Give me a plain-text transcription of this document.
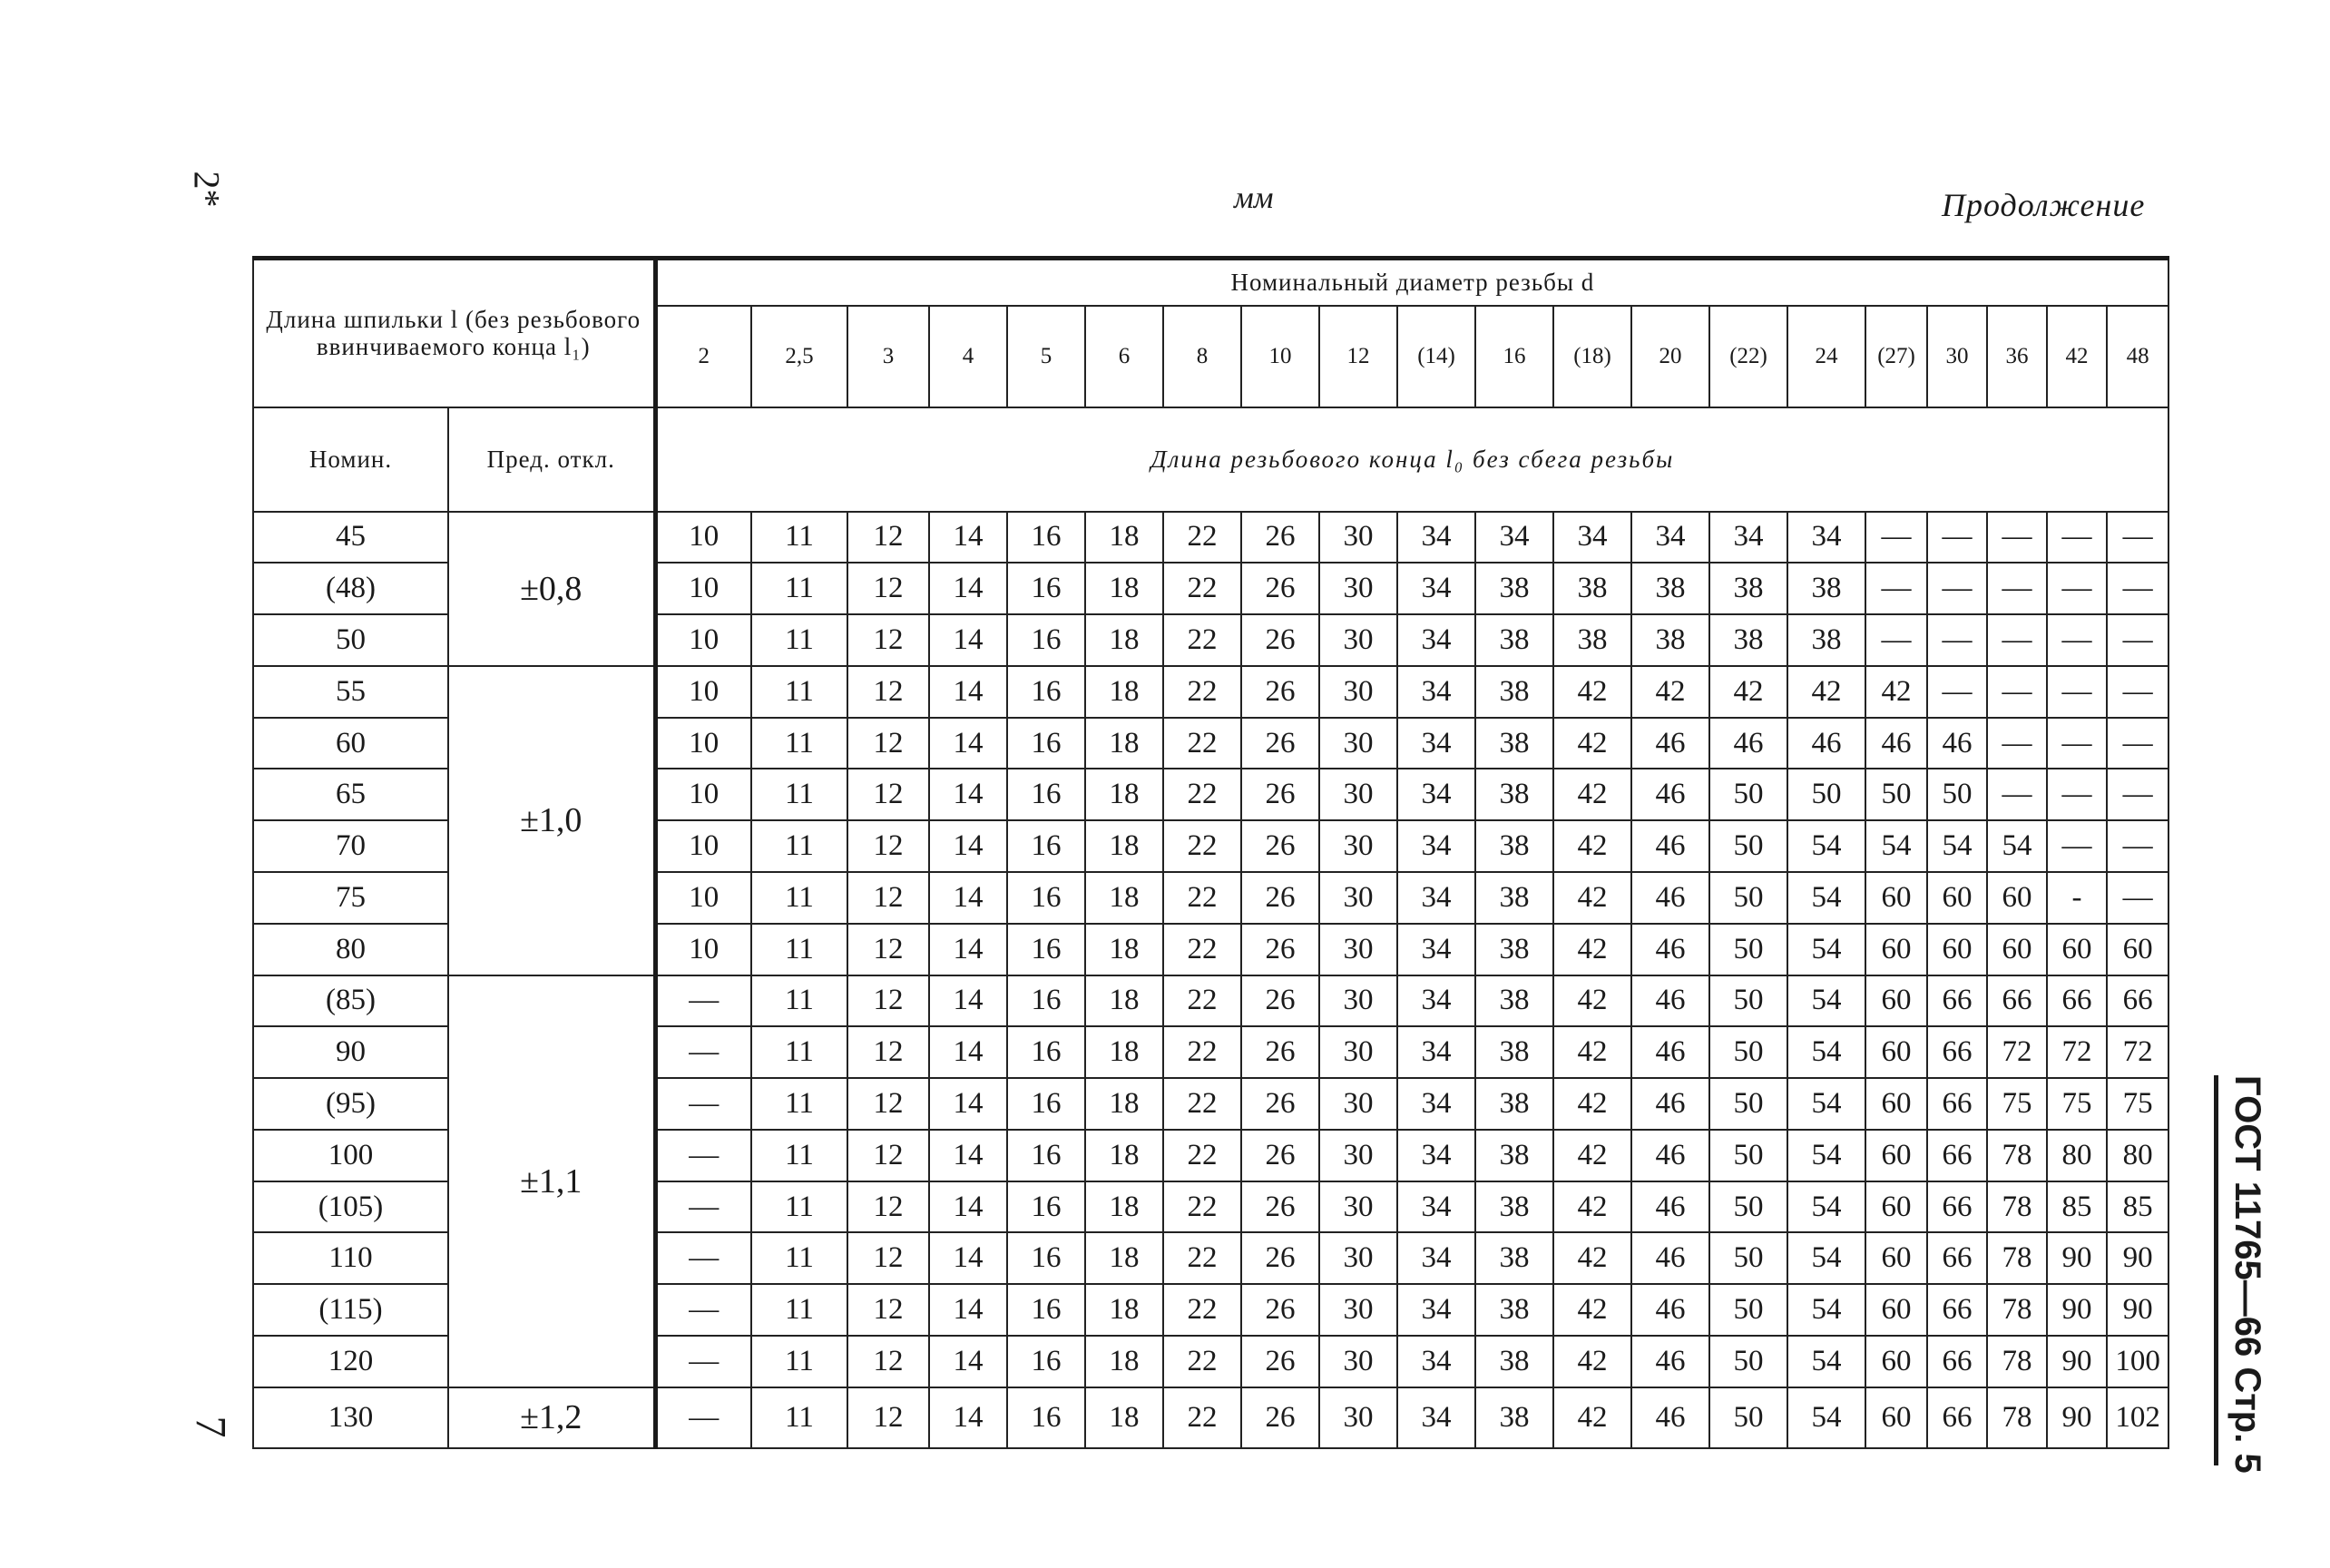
2*	мм	Продолжение
7	ГОСТ 11765—66 Стр. 5
Длина шпильки l (без резьбового ввинчиваемого конца l₁)		Номинальный диаметр резьбы d																			
		2	2,5	3	4	5	6	8	10	12	(14)	16	(18)	20	(22)	24	(27)	30	36	42	48
Номин.	Пред. откл.	Длина резьбового конца l₀ без сбега резьбы																			
45	±0,8	10	11	12	14	16	18	22	26	30	34	34	34	34	34	34	—	—	—	—	—
(48)		10	11	12	14	16	18	22	26	30	34	38	38	38	38	38	—	—	—	—	—
50		10	11	12	14	16	18	22	26	30	34	38	38	38	38	38	—	—	—	—	—
55	±1,0	10	11	12	14	16	18	22	26	30	34	38	42	42	42	42	42	—	—	—	—
60		10	11	12	14	16	18	22	26	30	34	38	42	46	46	46	46	46	—	—	—
65		10	11	12	14	16	18	22	26	30	34	38	42	46	50	50	50	50	—	—	—
70		10	11	12	14	16	18	22	26	30	34	38	42	46	50	54	54	54	54	—	—
75		10	11	12	14	16	18	22	26	30	34	38	42	46	50	54	60	60	60	-	—
80		10	11	12	14	16	18	22	26	30	34	38	42	46	50	54	60	60	60	60	60
(85)	±1,1	—	11	12	14	16	18	22	26	30	34	38	42	46	50	54	60	66	66	66	66
90		—	11	12	14	16	18	22	26	30	34	38	42	46	50	54	60	66	72	72	72
(95)		—	11	12	14	16	18	22	26	30	34	38	42	46	50	54	60	66	75	75	75
100		—	11	12	14	16	18	22	26	30	34	38	42	46	50	54	60	66	78	80	80
(105)		—	11	12	14	16	18	22	26	30	34	38	42	46	50	54	60	66	78	85	85
110		—	11	12	14	16	18	22	26	30	34	38	42	46	50	54	60	66	78	90	90
(115)		—	11	12	14	16	18	22	26	30	34	38	42	46	50	54	60	66	78	90	90
120		—	11	12	14	16	18	22	26	30	34	38	42	46	50	54	60	66	78	90	100
130	±1,2	—	11	12	14	16	18	22	26	30	34	38	42	46	50	54	60	66	78	90	102
